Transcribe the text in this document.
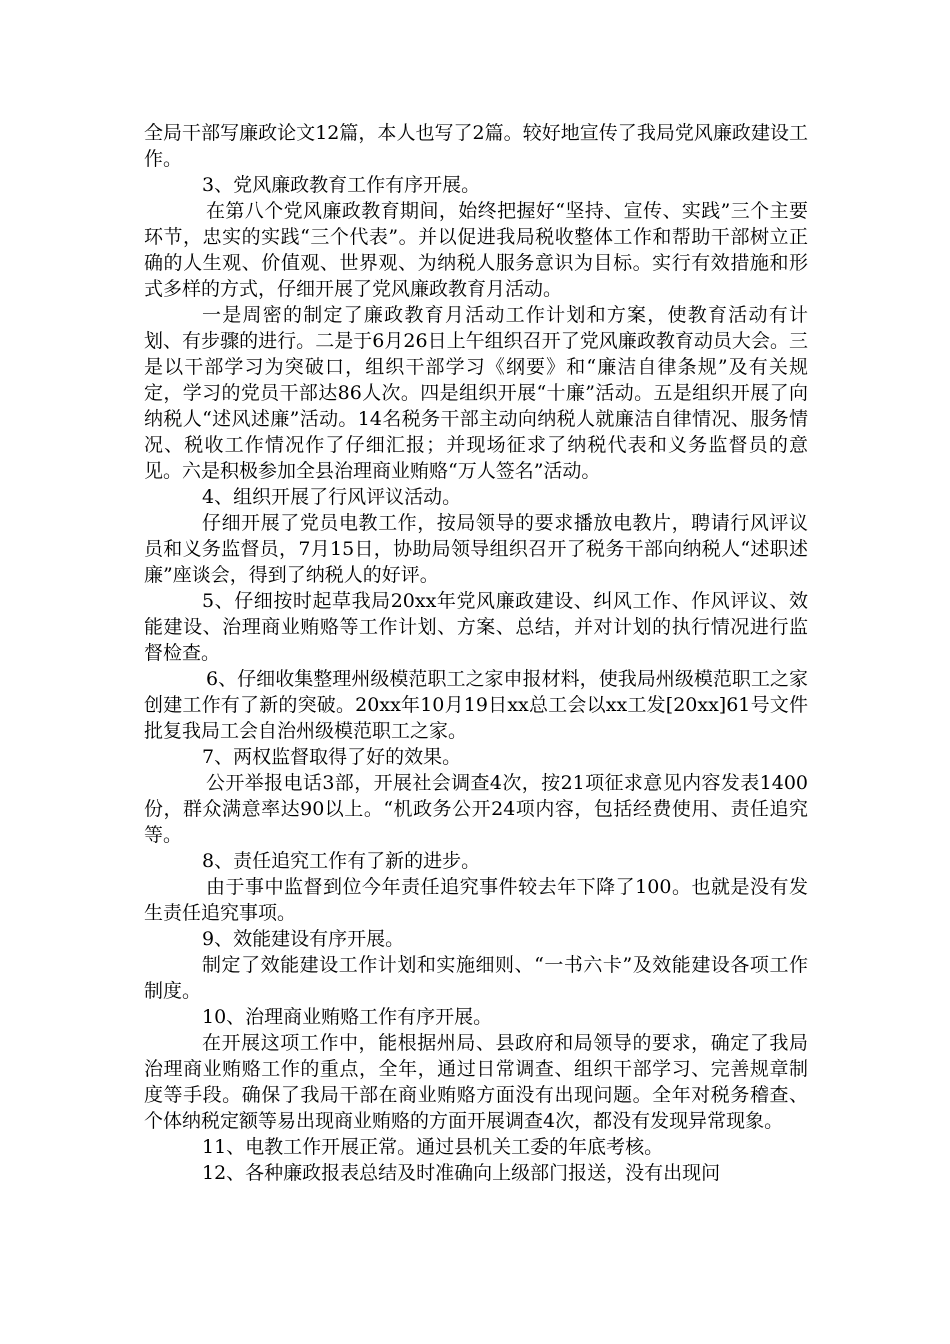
全局干部写廉政论文12篇，本人也写了2篇。较好地宣传了我局党风廉政建设工作。

3、党风廉政教育工作有序开展。

在第八个党风廉政教育期间，始终把握好“坚持、宣传、实践”三个主要环节，忠实的实践“三个代表”。并以促进我局税收整体工作和帮助干部树立正确的人生观、价值观、世界观、为纳税人服务意识为目标。实行有效措施和形式多样的方式，仔细开展了党风廉政教育月活动。

一是周密的制定了廉政教育月活动工作计划和方案，使教育活动有计划、有步骤的进行。二是于6月26日上午组织召开了党风廉政教育动员大会。三是以干部学习为突破口，组织干部学习《纲要》和“廉洁自律条规”及有关规定，学习的党员干部达86人次。四是组织开展“十廉”活动。五是组织开展了向纳税人“述风述廉”活动。14名税务干部主动向纳税人就廉洁自律情况、服务情况、税收工作情况作了仔细汇报；并现场征求了纳税代表和义务监督员的意见。六是积极参加全县治理商业贿赂“万人签名”活动。

4、组织开展了行风评议活动。

仔细开展了党员电教工作，按局领导的要求播放电教片，聘请行风评议员和义务监督员，7月15日，协助局领导组织召开了税务干部向纳税人“述职述廉”座谈会，得到了纳税人的好评。

5、仔细按时起草我局20xx年党风廉政建设、纠风工作、作风评议、效能建设、治理商业贿赂等工作计划、方案、总结，并对计划的执行情况进行监督检查。

6、仔细收集整理州级模范职工之家申报材料，使我局州级模范职工之家创建工作有了新的突破。20xx年10月19日xx总工会以xx工发[20xx]61号文件批复我局工会自治州级模范职工之家。

7、两权监督取得了好的效果。

公开举报电话3部，开展社会调查4次，按21项征求意见内容发表1400份，群众满意率达90以上。“机政务公开24项内容，包括经费使用、责任追究等。

8、责任追究工作有了新的进步。

由于事中监督到位今年责任追究事件较去年下降了100。也就是没有发生责任追究事项。

9、效能建设有序开展。

制定了效能建设工作计划和实施细则、“一书六卡”及效能建设各项工作制度。

10、治理商业贿赂工作有序开展。

在开展这项工作中，能根据州局、县政府和局领导的要求，确定了我局治理商业贿赂工作的重点，全年，通过日常调查、组织干部学习、完善规章制度等手段。确保了我局干部在商业贿赂方面没有出现问题。全年对税务稽查、个体纳税定额等易出现商业贿赂的方面开展调查4次，都没有发现异常现象。

11、电教工作开展正常。通过县机关工委的年底考核。

12、各种廉政报表总结及时准确向上级部门报送，没有出现问
